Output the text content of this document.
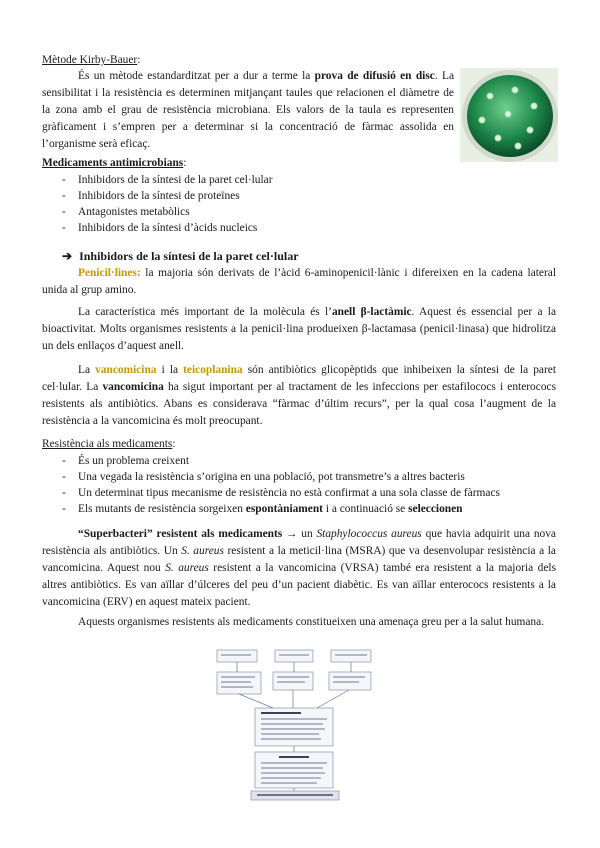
Mètode Kirby-Bauer:
És un mètode estandarditzat per a dur a terme la prova de difusió en disc. La sensibilitat i la resistència es determinen mitjançant taules que relacionen el diàmetre de la zona amb el grau de resistència microbiana. Els valors de la taula es representen gràficament i s’empren per a determinar si la concentració de fàrmac assolida en l’organisme serà eficaç.
Medicaments antimicrobians:
- Inhibidors de la síntesi de la paret cel·lular
- Inhibidors de la síntesi de proteïnes
- Antagonistes metabòlics
- Inhibidors de la síntesi d’àcids nucleics
➔ Inhibidors de la síntesi de la paret cel·lular
Penicil·lines: la majoria són derivats de l’àcid 6-aminopenicil·lànic i difereixen en la cadena lateral unida al grup amino.
La característica més important de la molècula és l’anell β-lactàmic. Aquest és essencial per a la bioactivitat. Molts organismes resistents a la penicil·lina produeixen β-lactamasa (penicil·linasa) que hidrolitza un dels enllaços d’aquest anell.
La vancomicina i la teicoplanina són antibiòtics glicopèptids que inhibeixen la síntesi de la paret cel·lular. La vancomicina ha sigut important per al tractament de les infeccions per estafilococs i enterococs resistents als antibiòtics. Abans es considerava “fàrmac d’últim recurs”, per la qual cosa l’augment de la resistència a la vancomicina és molt preocupant.
Resistència als medicaments:
- És un problema creixent
- Una vegada la resistència s’origina en una població, pot transmetre’s a altres bacteris
- Un determinat tipus mecanisme de resistència no està confirmat a una sola classe de fàrmacs
- Els mutants de resistència sorgeixen espontàniament i a continuació se seleccionen
“Superbacteri” resistent als medicaments → un Staphylococcus aureus que havia adquirit una nova resistència als antibiòtics. Un S. aureus resistent a la meticil·lina (MSRA) que va desenvolupar resistència a la vancomicina. Aquest nou S. aureus resistent a la vancomicina (VRSA) també era resistent a la majoria dels altres antibiòtics. Es van aïllar d’úlceres del peu d’un pacient diabètic. Es van aïllar enterococs resistents a la vancomicina (ERV) en aquest mateix pacient.
Aquests organismes resistents als medicaments constitueixen una amenaça greu per a la salut humana.
